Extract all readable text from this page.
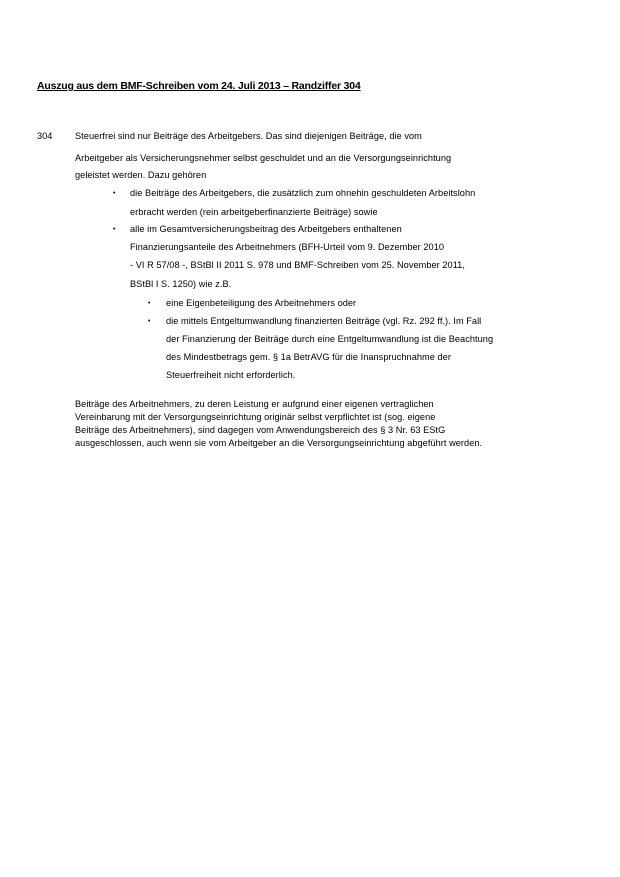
Auszug aus dem BMF-Schreiben vom 24. Juli 2013 – Randziffer 304
304 Steuerfrei sind nur Beiträge des Arbeitgebers. Das sind diejenigen Beiträge, die vom
Arbeitgeber als Versicherungsnehmer selbst geschuldet und an die Versorgungseinrichtung
geleistet werden. Dazu gehören
• die Beiträge des Arbeitgebers, die zusätzlich zum ohnehin geschuldeten Arbeitslohn
erbracht werden (rein arbeitgeberfinanzierte Beiträge) sowie
• alle im Gesamtversicherungsbeitrag des Arbeitgebers enthaltenen
Finanzierungsanteile des Arbeitnehmers (BFH-Urteil vom 9. Dezember 2010
- VI R 57/08 -, BStBl II 2011 S. 978 und BMF-Schreiben vom 25. November 2011,
BStBl I S. 1250) wie z.B.
• eine Eigenbeteiligung des Arbeitnehmers oder
• die mittels Entgeltumwandlung finanzierten Beiträge (vgl. Rz. 292 ff.). Im Fall
der Finanzierung der Beiträge durch eine Entgeltumwandlung ist die Beachtung
des Mindestbetrags gem. § 1a BetrAVG für die Inanspruchnahme der
Steuerfreiheit nicht erforderlich.
Beiträge des Arbeitnehmers, zu deren Leistung er aufgrund einer eigenen vertraglichen
Vereinbarung mit der Versorgungseinrichtung originär selbst verpflichtet ist (sog. eigene
Beiträge des Arbeitnehmers), sind dagegen vom Anwendungsbereich des § 3 Nr. 63 EStG
ausgeschlossen, auch wenn sie vom Arbeitgeber an die Versorgungseinrichtung abgeführt werden.
